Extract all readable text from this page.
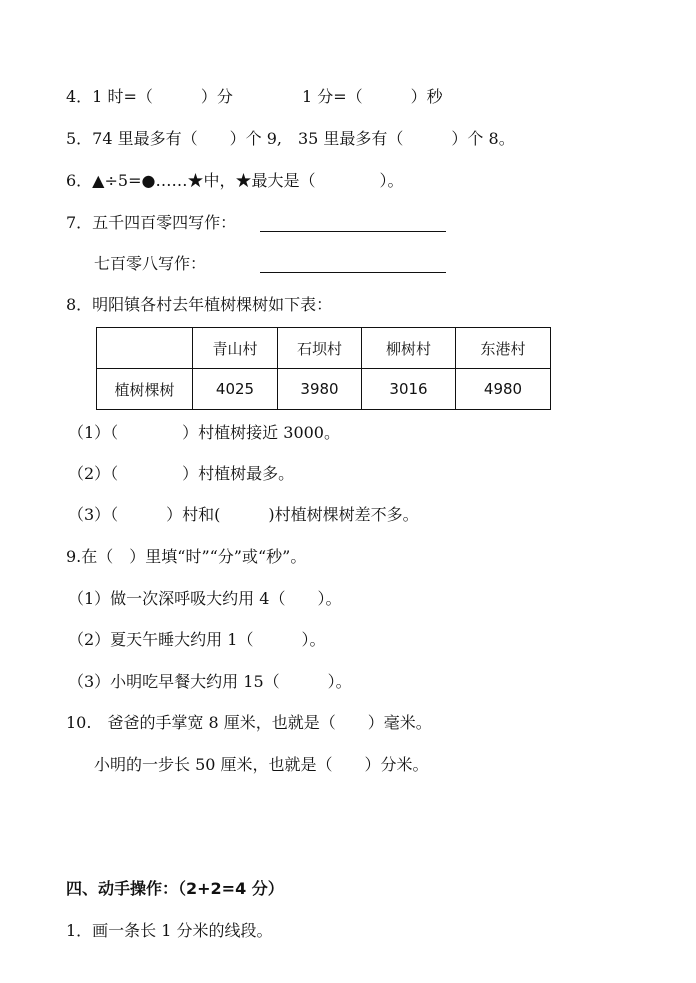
4．1 时=（　　　）分	1 分=（　　　）秒
5．74 里最多有（　　）个 9,　35 里最多有（　　　）个 8。
6．▲÷5=●……★中，★最大是（　　　　）。
7．五千四百零四写作：
七百零八写作：
8．明阳镇各村去年植树棵树如下表：
	青山村	石坝村	柳树村	东港村
植树棵树	4025	3980	3016	4980
（1）（　　　　）村植树接近 3000。
（2）（　　　　）村植树最多。
（3）（　　　）村和(　　　)村植树棵树差不多。
9.在（　）里填“时”“分”或“秒”。
（1）做一次深呼吸大约用 4（　　）。
（2）夏天午睡大约用 1（　　　）。
（3）小明吃早餐大约用 15（　　　）。
10.　爸爸的手掌宽 8 厘米，也就是（　　）毫米。
小明的一步长 50 厘米，也就是（　　）分米。
四、动手操作：（2+2=4 分）
1．画一条长 1 分米的线段。
